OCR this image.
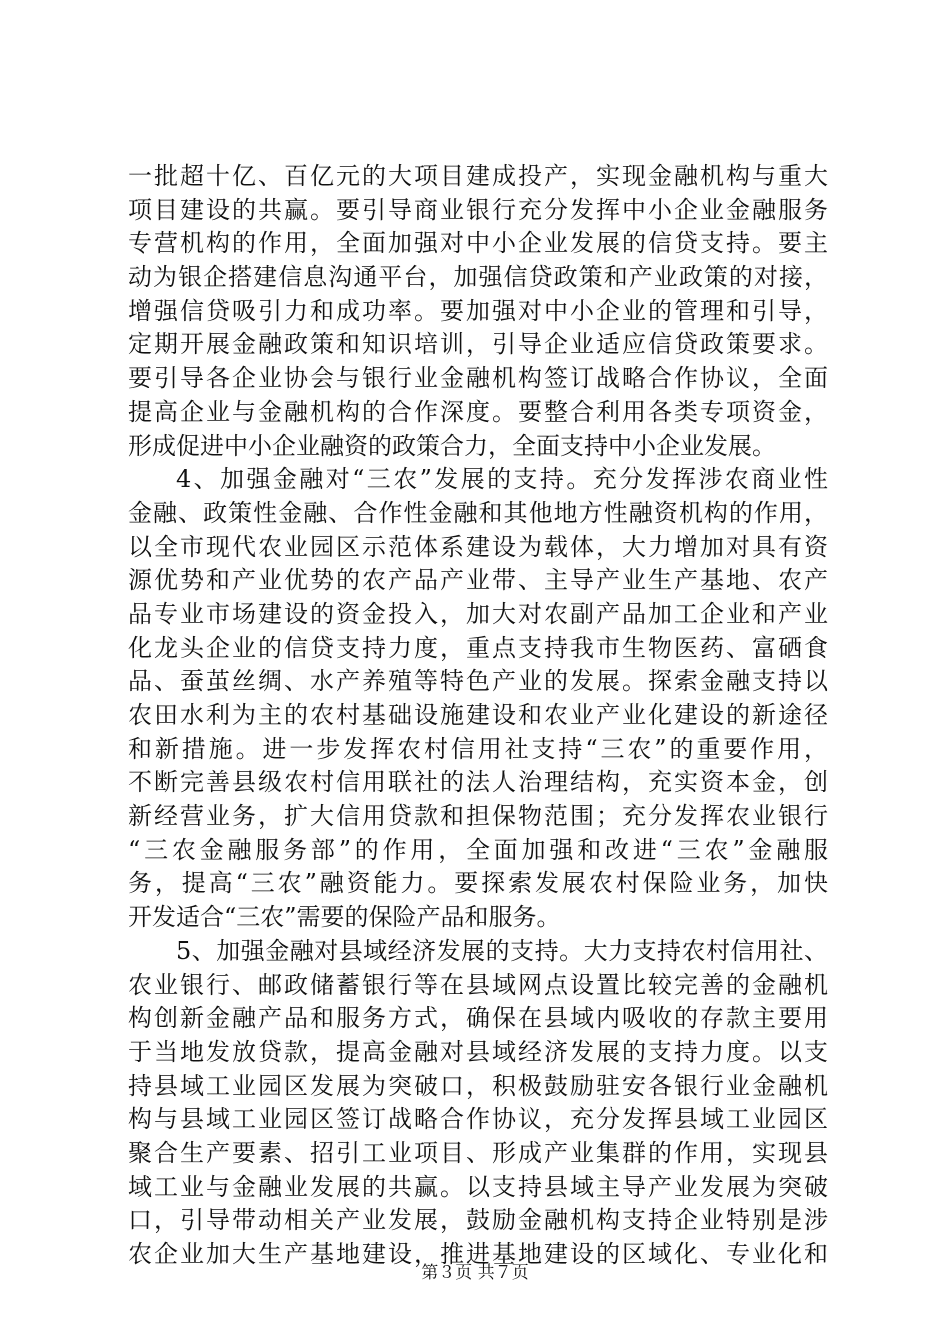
一批超十亿、百亿元的大项目建成投产，实现金融机构与重大
项目建设的共赢。要引导商业银行充分发挥中小企业金融服务
专营机构的作用，全面加强对中小企业发展的信贷支持。要主
动为银企搭建信息沟通平台，加强信贷政策和产业政策的对接，
增强信贷吸引力和成功率。要加强对中小企业的管理和引导，
定期开展金融政策和知识培训，引导企业适应信贷政策要求。
要引导各企业协会与银行业金融机构签订战略合作协议，全面
提高企业与金融机构的合作深度。要整合利用各类专项资金，
形成促进中小企业融资的政策合力，全面支持中小企业发展。
4、加强金融对“三农”发展的支持。充分发挥涉农商业性
金融、政策性金融、合作性金融和其他地方性融资机构的作用，
以全市现代农业园区示范体系建设为载体，大力增加对具有资
源优势和产业优势的农产品产业带、主导产业生产基地、农产
品专业市场建设的资金投入，加大对农副产品加工企业和产业
化龙头企业的信贷支持力度，重点支持我市生物医药、富硒食
品、蚕茧丝绸、水产养殖等特色产业的发展。探索金融支持以
农田水利为主的农村基础设施建设和农业产业化建设的新途径
和新措施。进一步发挥农村信用社支持“三农”的重要作用，
不断完善县级农村信用联社的法人治理结构，充实资本金，创
新经营业务，扩大信用贷款和担保物范围；充分发挥农业银行
“三农金融服务部”的作用，全面加强和改进“三农”金融服
务，提高“三农”融资能力。要探索发展农村保险业务，加快
开发适合“三农”需要的保险产品和服务。
5、加强金融对县域经济发展的支持。大力支持农村信用社、
农业银行、邮政储蓄银行等在县域网点设置比较完善的金融机
构创新金融产品和服务方式，确保在县域内吸收的存款主要用
于当地发放贷款，提高金融对县域经济发展的支持力度。以支
持县域工业园区发展为突破口，积极鼓励驻安各银行业金融机
构与县域工业园区签订战略合作协议，充分发挥县域工业园区
聚合生产要素、招引工业项目、形成产业集群的作用，实现县
域工业与金融业发展的共赢。以支持县域主导产业发展为突破
口，引导带动相关产业发展，鼓励金融机构支持企业特别是涉
农企业加大生产基地建设，推进基地建设的区域化、专业化和
第３页 共７页
